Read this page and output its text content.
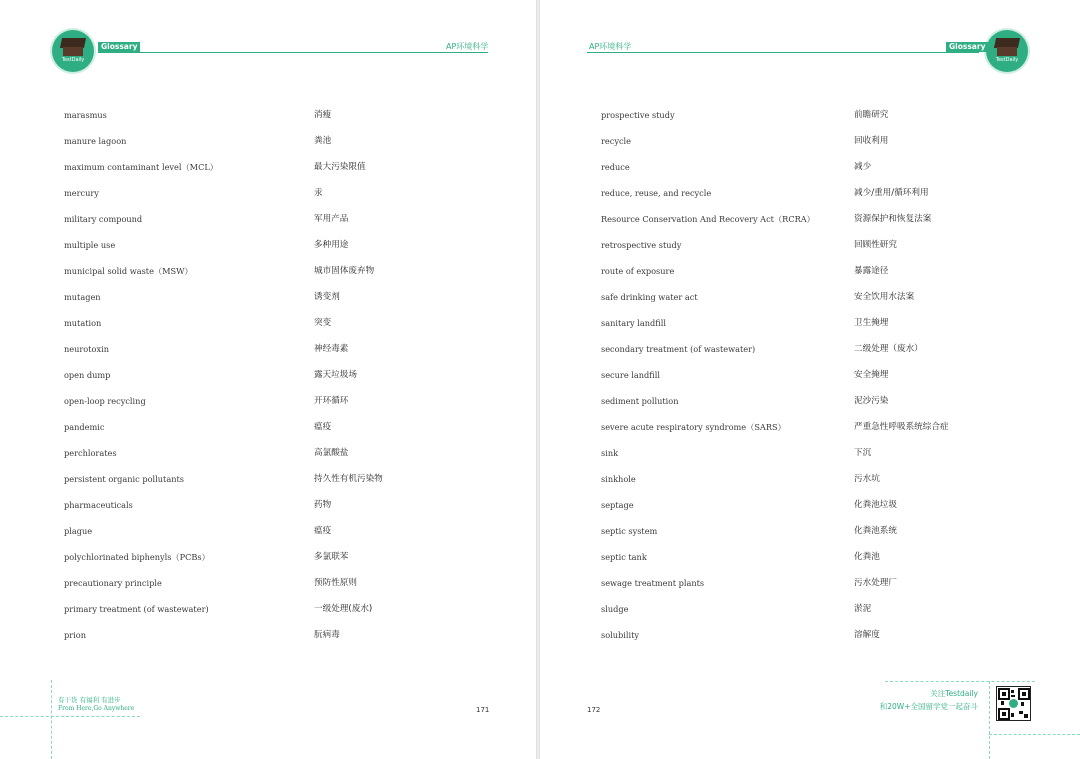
TestDaily
Glossary	AP环境科学
marasmus	消瘦
manure lagoon	粪池
maximum contaminant level（MCL）	最大污染限值
mercury	汞
military compound	军用产品
multiple use	多种用途
municipal solid waste（MSW）	城市固体废弃物
mutagen	诱变剂
mutation	突变
neurotoxin	神经毒素
open dump	露天垃圾场
open-loop recycling	开环循环
pandemic	瘟疫
perchlorates	高氯酸盐
persistent organic pollutants	持久性有机污染物
pharmaceuticals	药物
plague	瘟疫
polychlorinated biphenyls（PCBs）	多氯联苯
precautionary principle	预防性原则
primary treatment (of wastewater)	一级处理(废水)
prion	朊病毒
有干货 有福利 有进步
From Here,Go Anywhere	171
TestDaily
Glossary
AP环境科学
prospective study	前瞻研究
recycle	回收利用
reduce	减少
reduce, reuse, and recycle	减少/重用/循环利用
Resource Conservation And Recovery Act（RCRA）	资源保护和恢复法案
retrospective study	回顾性研究
route of exposure	暴露途径
safe drinking water act	安全饮用水法案
sanitary landfill	卫生掩埋
secondary treatment (of wastewater)	二级处理（废水）
secure landfill	安全掩埋
sediment pollution	泥沙污染
severe acute respiratory syndrome（SARS）	严重急性呼吸系统综合症
sink	下沉
sinkhole	污水坑
septage	化粪池垃圾
septic system	化粪池系统
septic tank	化粪池
sewage treatment plants	污水处理厂
sludge	淤泥
solubility	溶解度
172
关注Testdaily
和20W+全国留学党一起奋斗
